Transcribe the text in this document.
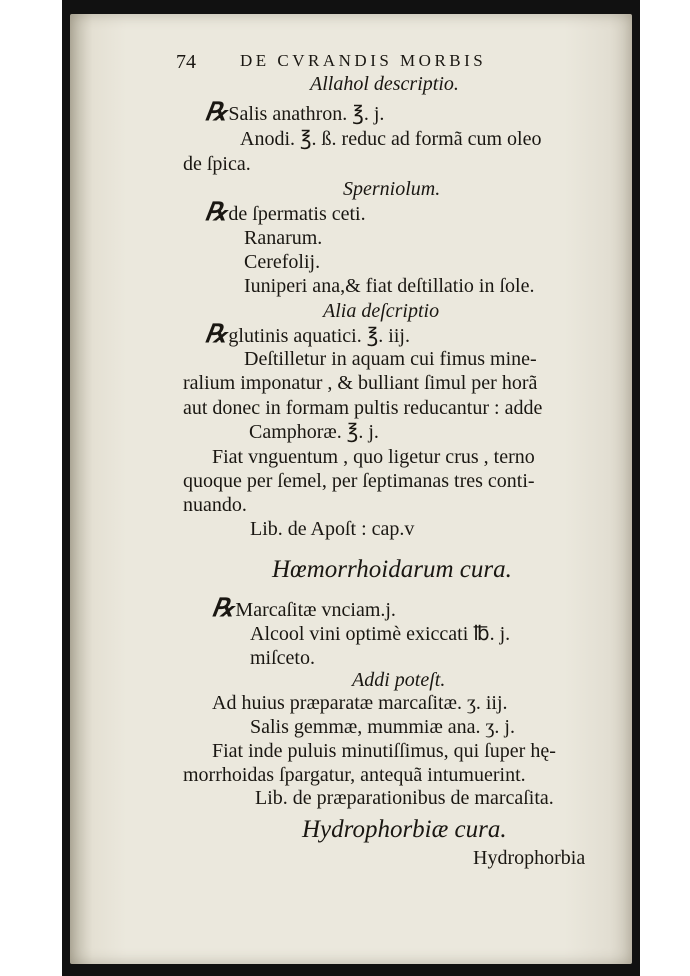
74	DE CVRANDIS MORBIS
Allahol descriptio.
℞Salis anathron. ℥. j.
Anodi. ℥. ß. reduc ad formã cum oleo
de ſpica.
Sperniolum.
℞de ſpermatis ceti.
Ranarum.
Cerefolij.
Iuniperi ana,& fiat deſtillatio in ſole.
Alia deſcriptio
℞glutinis aquatici. ℥. iij.
Deſtilletur in aquam cui fimus mine-
ralium imponatur , & bulliant ſimul per horã
aut donec in formam pultis reducantur : adde
Camphoræ. ℥. j.
Fiat vnguentum , quo ligetur crus , terno
quoque per ſemel, per ſeptimanas tres conti-
nuando.
Lib. de Apoſt : cap.v
Hœmorrhoidarum cura.
℞Marcaſitæ vnciam.j.
Alcool vini optimè exiccati ℔. j.
miſceto.
Addi poteſt.
Ad huius præparatæ marcaſitæ. ʒ. iij.
Salis gemmæ, mummiæ ana. ʒ. j.
Fiat inde puluis minutiſſimus, qui ſuper hę-
morrhoidas ſpargatur, antequã intumuerint.
Lib. de præparationibus de marcaſita.
Hydrophorbiæ cura.
Hydrophorbia
